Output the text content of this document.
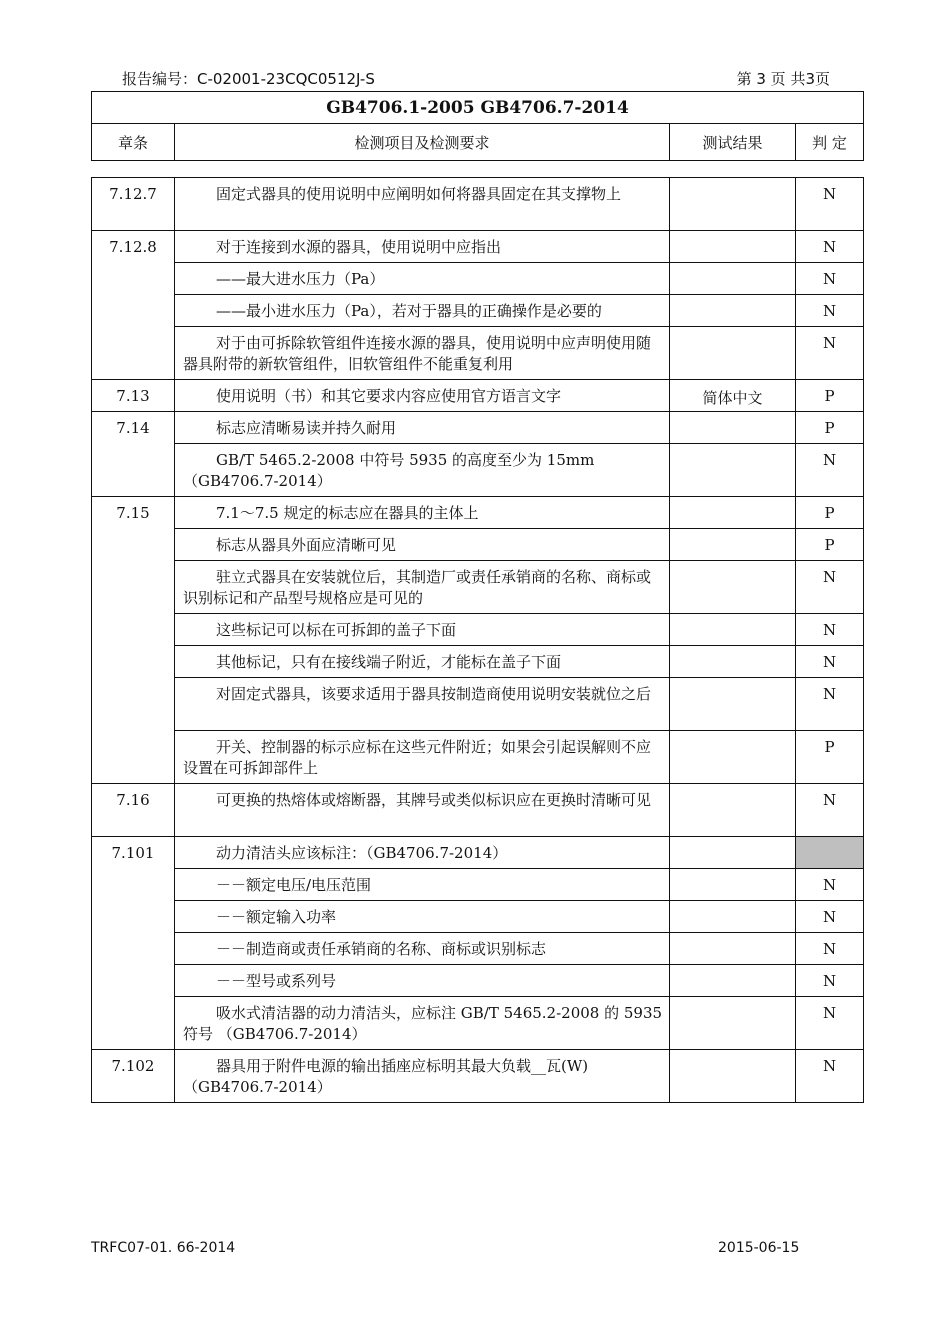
报告编号：C-02001-23CQC0512J-S	第 3 页 共3页
GB4706.1-2005 GB4706.7-2014
章条	检测项目及检测要求	测试结果	判 定
7.12.7	固定式器具的使用说明中应阐明如何将器具固定在其支撑物上		N
7.12.8	对于连接到水源的器具，使用说明中应指出		N
	——最大进水压力（Pa）		N
	——最小进水压力（Pa），若对于器具的正确操作是必要的		N
	对于由可拆除软管组件连接水源的器具，使用说明中应声明使用随器具附带的新软管组件，旧软管组件不能重复利用		N
7.13	使用说明（书）和其它要求内容应使用官方语言文字	简体中文	P
7.14	标志应清晰易读并持久耐用		P
	GB/T 5465.2-2008 中符号 5935 的高度至少为 15mm（GB4706.7-2014）		N
7.15	7.1～7.5 规定的标志应在器具的主体上		P
	标志从器具外面应清晰可见		P
	驻立式器具在安装就位后，其制造厂或责任承销商的名称、商标或识别标记和产品型号规格应是可见的		N
	这些标记可以标在可拆卸的盖子下面		N
	其他标记，只有在接线端子附近，才能标在盖子下面		N
	对固定式器具，该要求适用于器具按制造商使用说明安装就位之后		N
	开关、控制器的标示应标在这些元件附近；如果会引起误解则不应设置在可拆卸部件上		P
7.16	可更换的热熔体或熔断器，其牌号或类似标识应在更换时清晰可见		N
7.101	动力清洁头应该标注：（GB4706.7-2014）		
	－－额定电压/电压范围		N
	－－额定输入功率		N
	－－制造商或责任承销商的名称、商标或识别标志		N
	－－型号或系列号		N
	吸水式清洁器的动力清洁头，应标注 GB/T 5465.2-2008 的 5935 符号 （GB4706.7-2014）		N
7.102	器具用于附件电源的输出插座应标明其最大负载__瓦(W)（GB4706.7-2014）		N
TRFC07-01. 66-2014	2015-06-15
